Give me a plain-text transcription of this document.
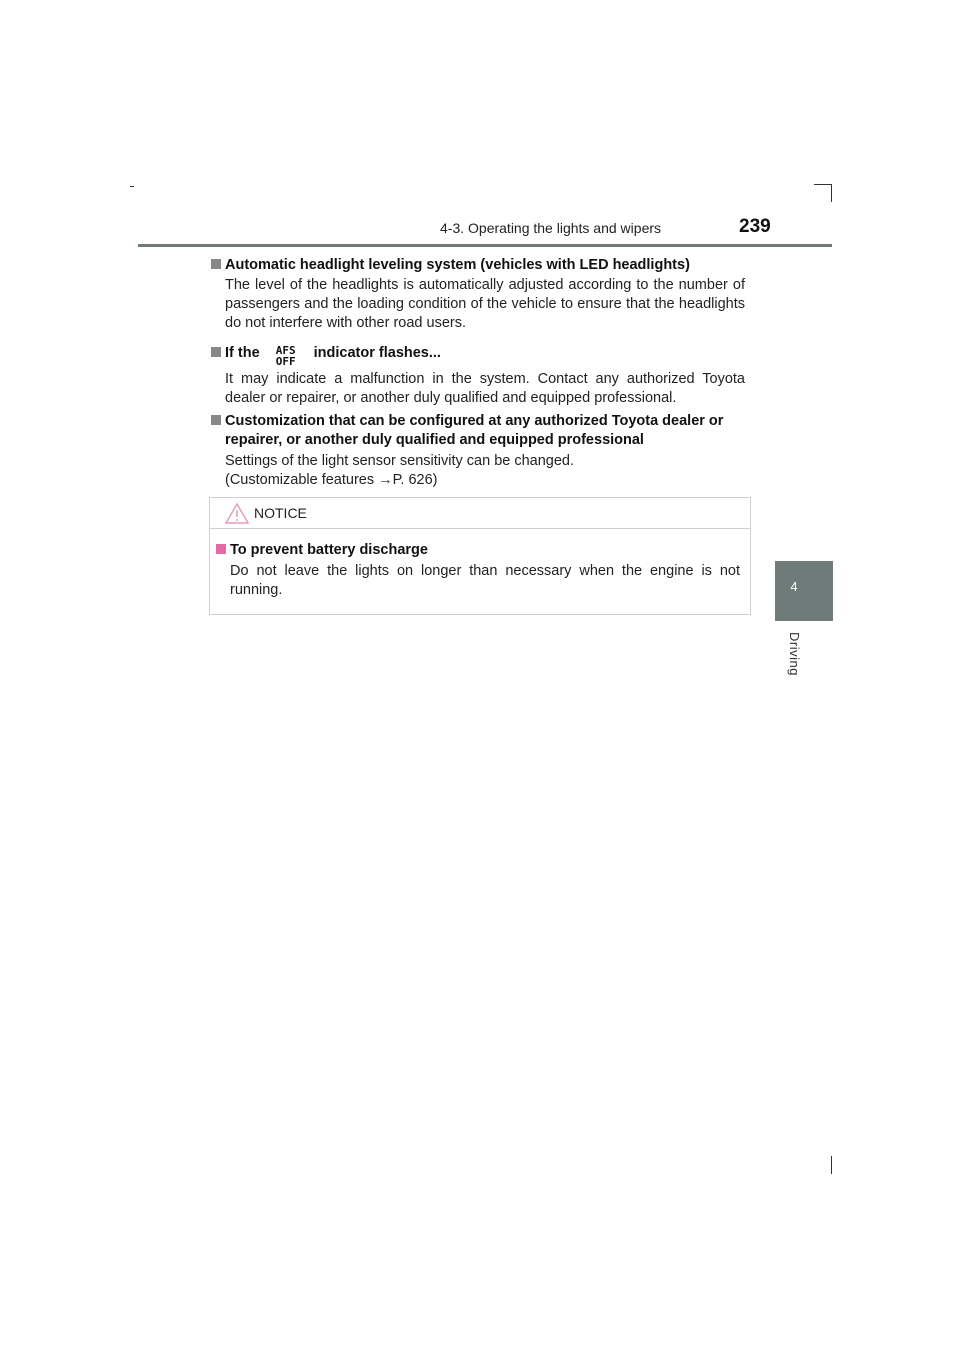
4-3. Operating the lights and wipers	239
4
Driving
Automatic headlight leveling system (vehicles with LED headlights)

The level of the headlights is automatically adjusted according to the number of passengers and the loading condition of the vehicle to ensure that the headlights do not interfere with other road users.

If the AFS
OFFindicator flashes...

It may indicate a malfunction in the system. Contact any authorized Toyota dealer or repairer, or another duly qualified and equipped professional.

Customization that can be configured at any authorized Toyota dealer or
repairer, or another duly qualified and equipped professional

Settings of the light sensor sensitivity can be changed.

(Customizable features →P. 626)

NOTICE
To prevent battery discharge
Do not leave the lights on longer than necessary when the engine is not running.
